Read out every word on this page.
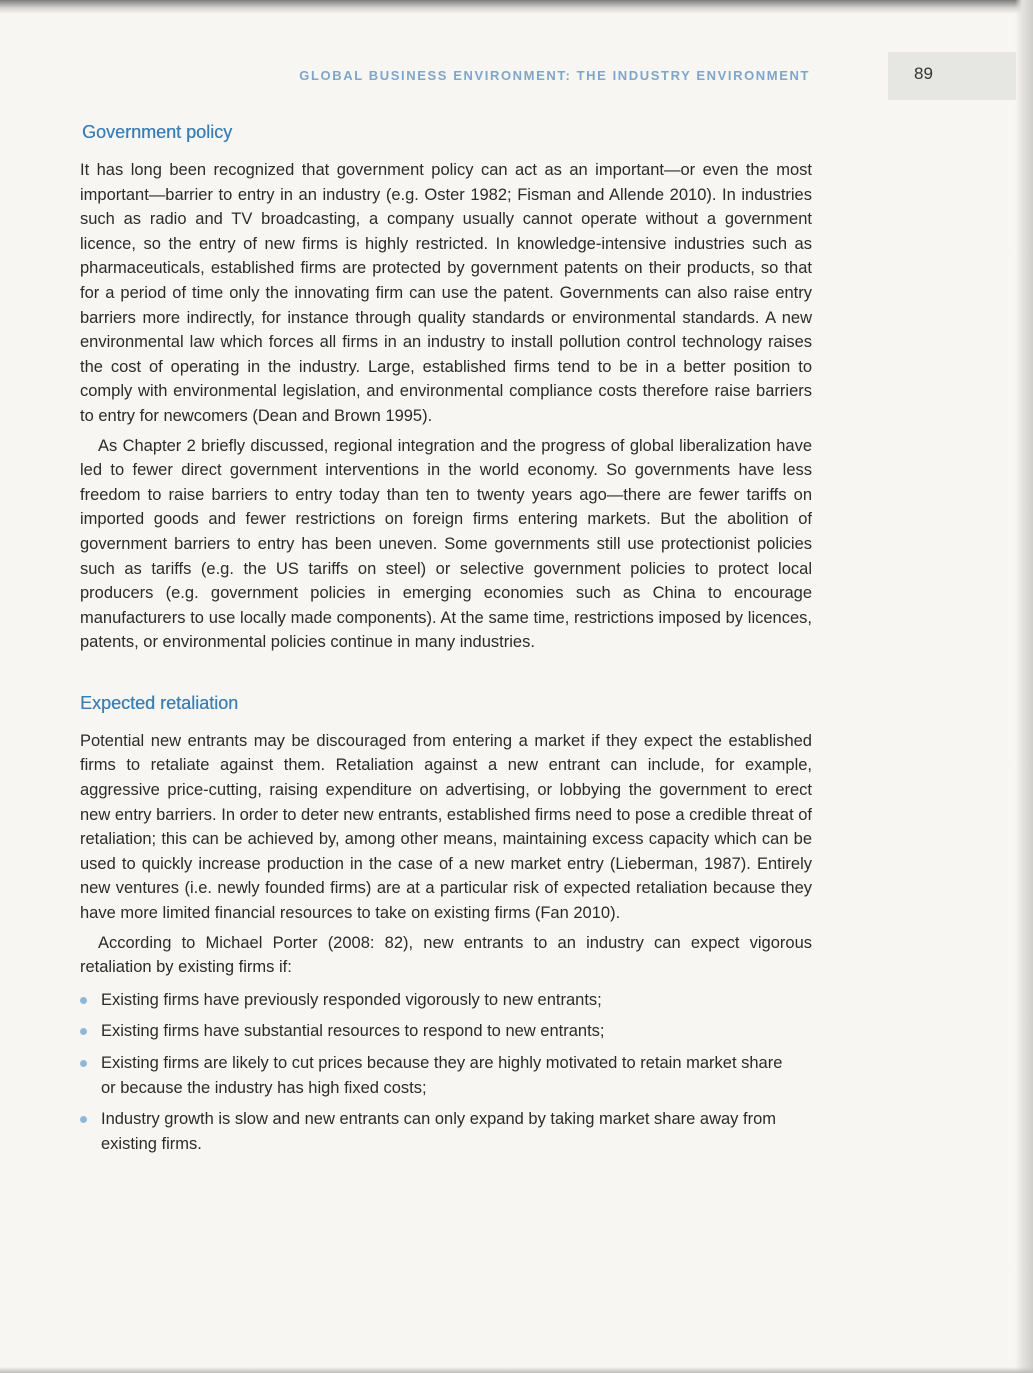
GLOBAL BUSINESS ENVIRONMENT: THE INDUSTRY ENVIRONMENT	89
Government policy

It has long been recognized that government policy can act as an important—or even the most important—barrier to entry in an industry (e.g. Oster 1982; Fisman and Allende 2010). In industries such as radio and TV broadcasting, a company usually cannot operate without a government licence, so the entry of new firms is highly restricted. In knowledge-intensive industries such as pharmaceuticals, established firms are protected by government patents on their products, so that for a period of time only the innovating firm can use the patent. Governments can also raise entry barriers more indirectly, for instance through quality standards or environmental standards. A new environmental law which forces all firms in an industry to install pollution control technology raises the cost of operating in the industry. Large, established firms tend to be in a better position to comply with environmental legislation, and environmental compliance costs therefore raise barriers to entry for newcomers (Dean and Brown 1995).

As Chapter 2 briefly discussed, regional integration and the progress of global liberalization have led to fewer direct government interventions in the world economy. So governments have less freedom to raise barriers to entry today than ten to twenty years ago—there are fewer tariffs on imported goods and fewer restrictions on foreign firms entering markets. But the abolition of government barriers to entry has been uneven. Some governments still use protectionist policies such as tariffs (e.g. the US tariffs on steel) or selective government policies to protect local producers (e.g. government policies in emerging economies such as China to encourage manufacturers to use locally made components). At the same time, restrictions imposed by licences, patents, or environmental policies continue in many industries.

Expected retaliation

Potential new entrants may be discouraged from entering a market if they expect the established firms to retaliate against them. Retaliation against a new entrant can include, for example, aggressive price-cutting, raising expenditure on advertising, or lobbying the government to erect new entry barriers. In order to deter new entrants, established firms need to pose a credible threat of retaliation; this can be achieved by, among other means, maintaining excess capacity which can be used to quickly increase production in the case of a new market entry (Lieberman, 1987). Entirely new ventures (i.e. newly founded firms) are at a particular risk of expected retaliation because they have more limited financial resources to take on existing firms (Fan 2010).

According to Michael Porter (2008: 82), new entrants to an industry can expect vigorous retaliation by existing firms if:

Existing firms have previously responded vigorously to new entrants;
Existing firms have substantial resources to respond to new entrants;
Existing firms are likely to cut prices because they are highly motivated to retain market share or because the industry has high fixed costs;
Industry growth is slow and new entrants can only expand by taking market share away from existing firms.
